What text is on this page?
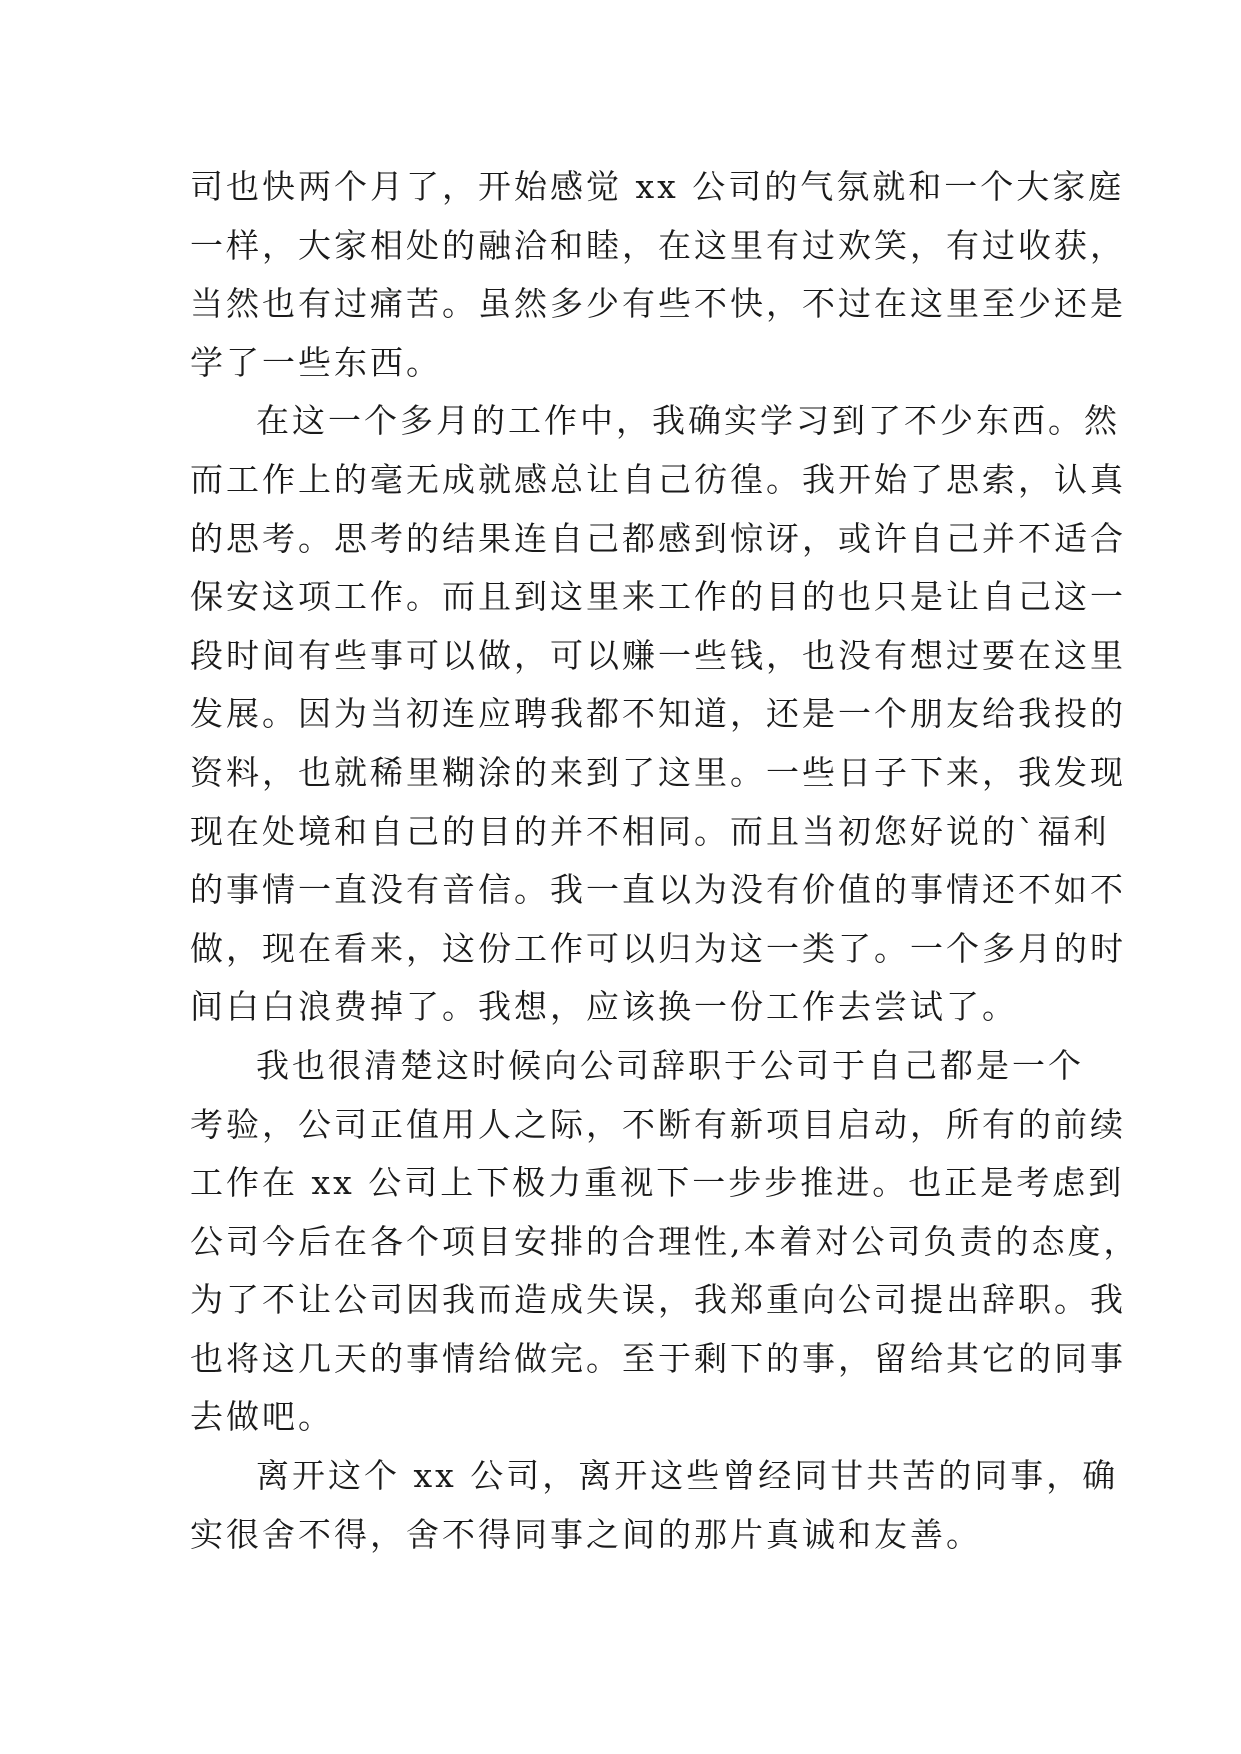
司也快两个月了，开始感觉 xx 公司的气氛就和一个大家庭
一样，大家相处的融洽和睦，在这里有过欢笑，有过收获，
当然也有过痛苦。虽然多少有些不快，不过在这里至少还是
学了一些东西。
在这一个多月的工作中，我确实学习到了不少东西。然
而工作上的毫无成就感总让自己彷徨。我开始了思索，认真
的思考。思考的结果连自己都感到惊讶，或许自己并不适合
保安这项工作。而且到这里来工作的目的也只是让自己这一
段时间有些事可以做，可以赚一些钱，也没有想过要在这里
发展。因为当初连应聘我都不知道，还是一个朋友给我投的
资料，也就稀里糊涂的来到了这里。一些日子下来，我发现
现在处境和自己的目的并不相同。而且当初您好说的`福利
的事情一直没有音信。我一直以为没有价值的事情还不如不
做，现在看来，这份工作可以归为这一类了。一个多月的时
间白白浪费掉了。我想，应该换一份工作去尝试了。
我也很清楚这时候向公司辞职于公司于自己都是一个
考验，公司正值用人之际，不断有新项目启动，所有的前续
工作在 xx 公司上下极力重视下一步步推进。也正是考虑到
公司今后在各个项目安排的合理性,本着对公司负责的态度，
为了不让公司因我而造成失误，我郑重向公司提出辞职。我
也将这几天的事情给做完。至于剩下的事，留给其它的同事
去做吧。
离开这个 xx 公司，离开这些曾经同甘共苦的同事，确
实很舍不得，舍不得同事之间的那片真诚和友善。
